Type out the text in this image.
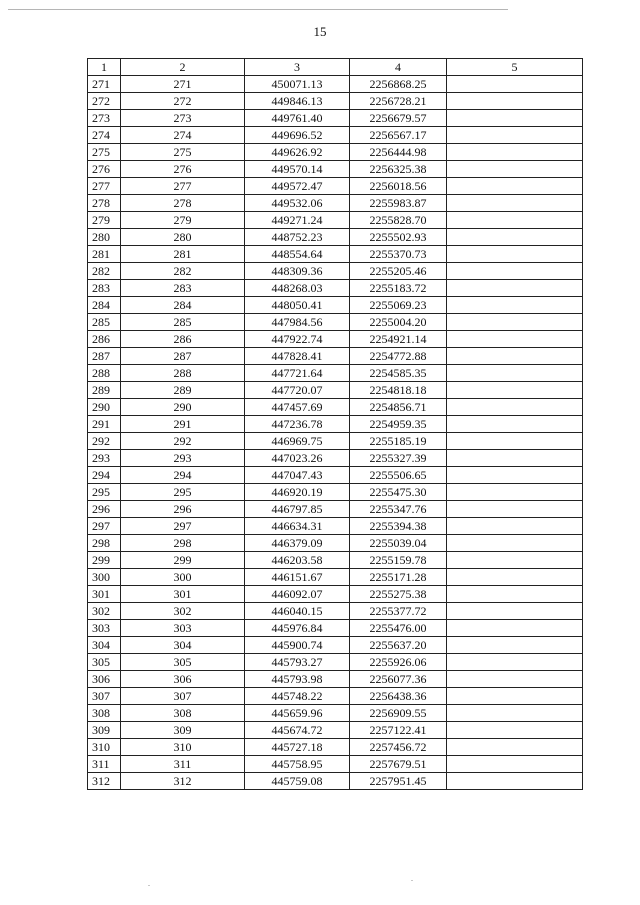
15
1	2	3	4	5
271	271	450071.13	2256868.25	
272	272	449846.13	2256728.21	
273	273	449761.40	2256679.57	
274	274	449696.52	2256567.17	
275	275	449626.92	2256444.98	
276	276	449570.14	2256325.38	
277	277	449572.47	2256018.56	
278	278	449532.06	2255983.87	
279	279	449271.24	2255828.70	
280	280	448752.23	2255502.93	
281	281	448554.64	2255370.73	
282	282	448309.36	2255205.46	
283	283	448268.03	2255183.72	
284	284	448050.41	2255069.23	
285	285	447984.56	2255004.20	
286	286	447922.74	2254921.14	
287	287	447828.41	2254772.88	
288	288	447721.64	2254585.35	
289	289	447720.07	2254818.18	
290	290	447457.69	2254856.71	
291	291	447236.78	2254959.35	
292	292	446969.75	2255185.19	
293	293	447023.26	2255327.39	
294	294	447047.43	2255506.65	
295	295	446920.19	2255475.30	
296	296	446797.85	2255347.76	
297	297	446634.31	2255394.38	
298	298	446379.09	2255039.04	
299	299	446203.58	2255159.78	
300	300	446151.67	2255171.28	
301	301	446092.07	2255275.38	
302	302	446040.15	2255377.72	
303	303	445976.84	2255476.00	
304	304	445900.74	2255637.20	
305	305	445793.27	2255926.06	
306	306	445793.98	2256077.36	
307	307	445748.22	2256438.36	
308	308	445659.96	2256909.55	
309	309	445674.72	2257122.41	
310	310	445727.18	2257456.72	
311	311	445758.95	2257679.51	
312	312	445759.08	2257951.45	
